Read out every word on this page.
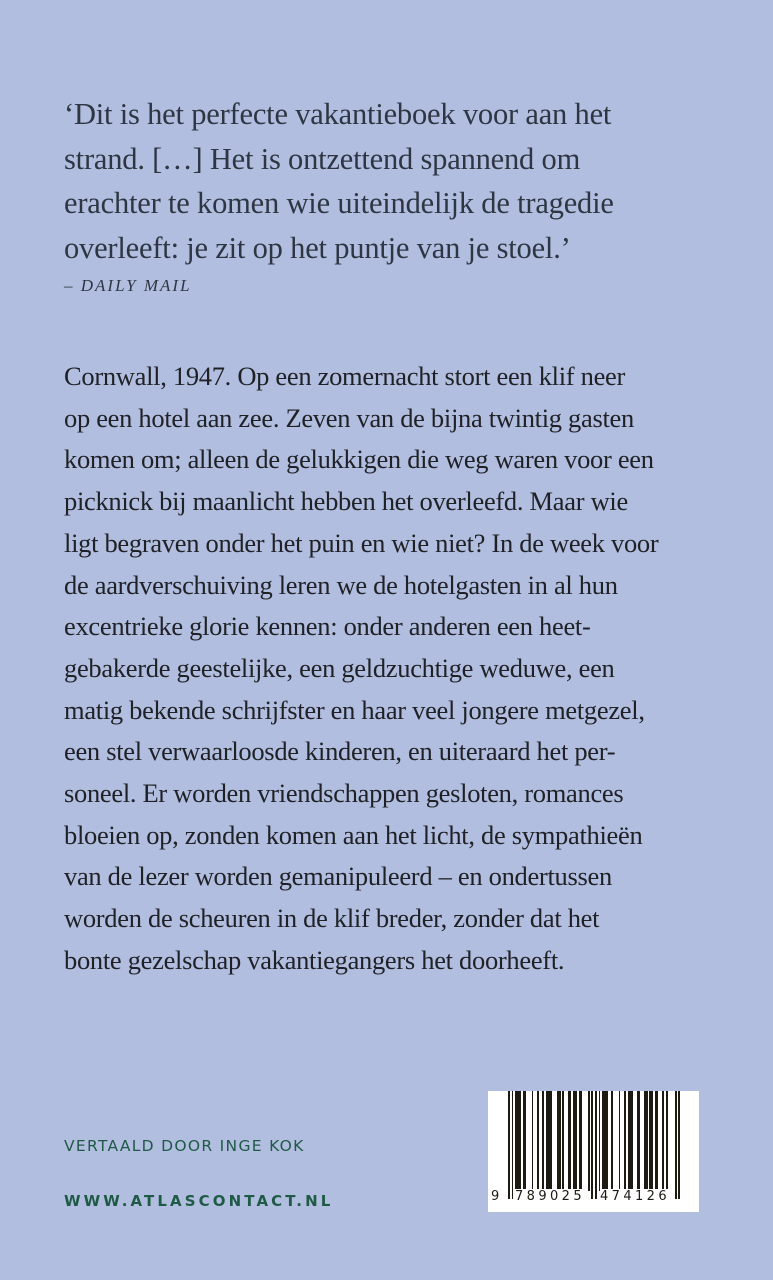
‘Dit is het perfecte vakantieboek voor aan het
strand. […] Het is ontzettend spannend om
erachter te komen wie uiteindelijk de tragedie
overleeft: je zit op het puntje van je stoel.’
– DAILY MAIL
Cornwall, 1947. Op een zomernacht stort een klif neer
op een hotel aan zee. Zeven van de bijna twintig gasten
komen om; alleen de gelukkigen die weg waren voor een
picknick bij maanlicht hebben het overleefd. Maar wie
ligt begraven onder het puin en wie niet? In de week voor
de aardverschuiving leren we de hotelgasten in al hun
excentrieke glorie kennen: onder anderen een heet-
gebakerde geestelijke, een geldzuchtige weduwe, een
matig bekende schrijfster en haar veel jongere metgezel,
een stel verwaarloosde kinderen, en uiteraard het per-
soneel. Er worden vriendschappen gesloten, romances
bloeien op, zonden komen aan het licht, de sympathieën
van de lezer worden gemanipuleerd – en ondertussen
worden de scheuren in de klif breder, zonder dat het
bonte gezelschap vakantiegangers het doorheeft.
VERTAALD DOOR INGE KOK
WWW.ATLASCONTACT.NL	9 789025 474126
